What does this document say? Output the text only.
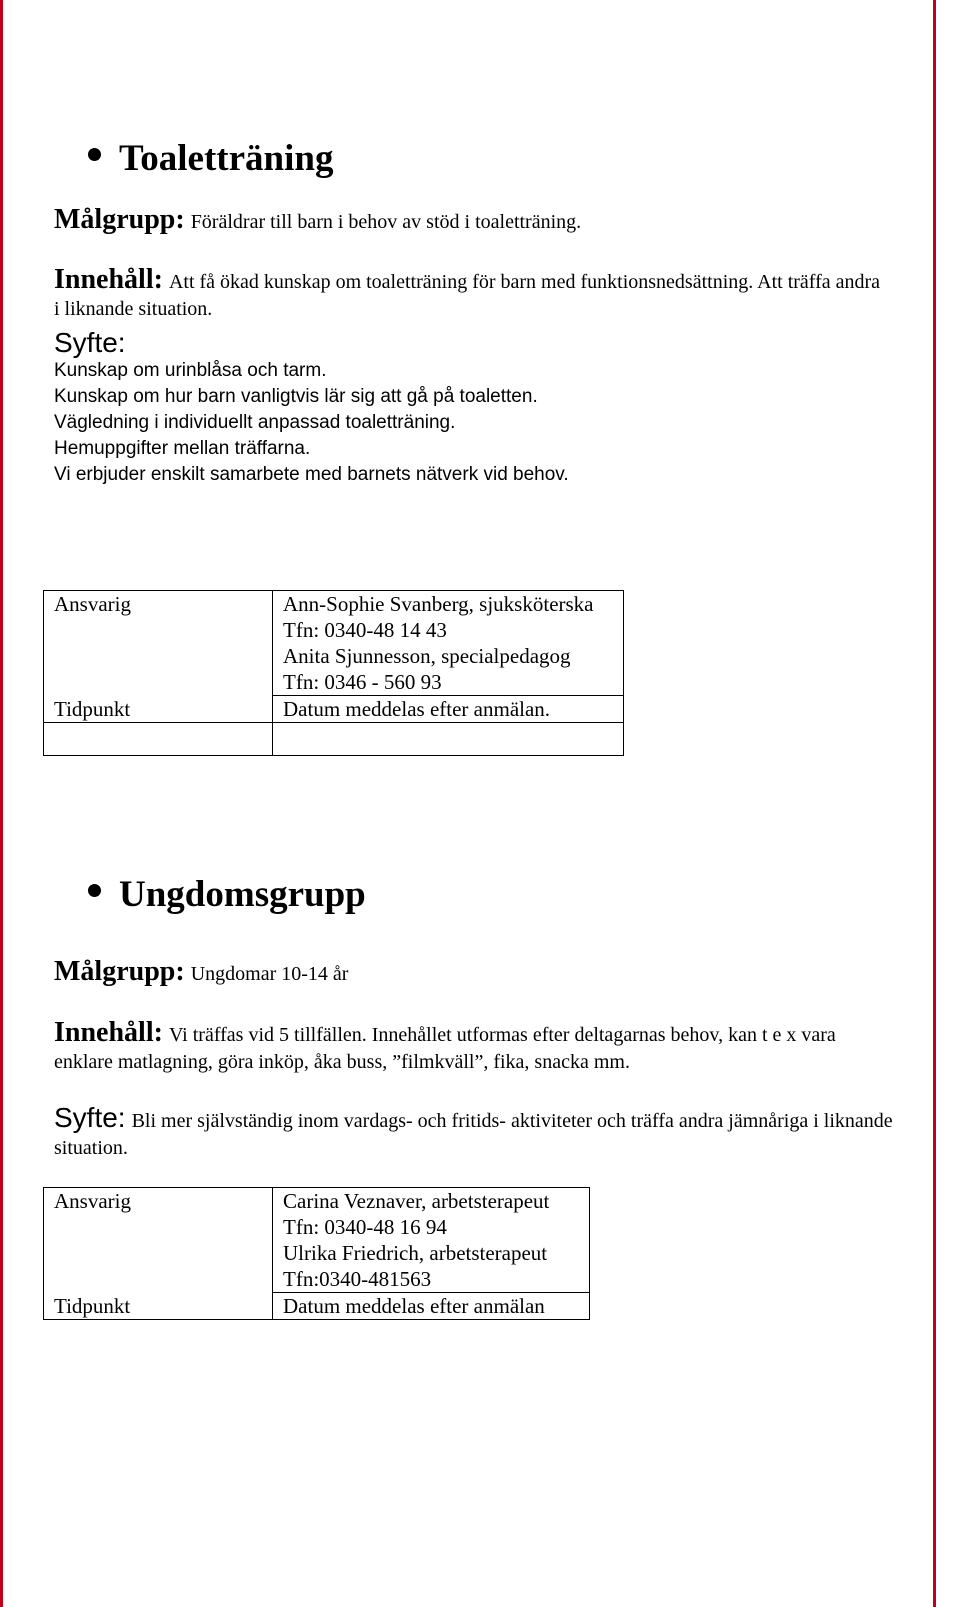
Toaletträning
Målgrupp: Föräldrar till barn i behov av stöd i toaletträning.
Innehåll: Att få ökad kunskap om toaletträning för barn med funktionsnedsättning. Att träffa andra i liknande situation.
Syfte:
Kunskap om urinblåsa och tarm.
Kunskap om hur barn vanligtvis lär sig att gå på toaletten.
Vägledning i individuellt anpassad toaletträning.
Hemuppgifter mellan träffarna.
Vi erbjuder enskilt samarbete med barnets nätverk vid behov.
Ansvarig	Ann-Sophie Svanberg, sjuksköterska
Tfn: 0340-48 14 43
Anita Sjunnesson, specialpedagog
Tfn: 0346 - 560 93

Tidpunkt	Datum meddelas efter anmälan.

Ungdomsgrupp
Målgrupp: Ungdomar 10-14 år
Innehåll: Vi träffas vid 5 tillfällen. Innehållet utformas efter deltagarnas behov, kan t e x vara enklare matlagning, göra inköp, åka buss, ”filmkväll”, fika, snacka mm.
Syfte: Bli mer självständig inom vardags- och fritids- aktiviteter och träffa andra jämnåriga i liknande situation.
Ansvarig	Carina Veznaver, arbetsterapeut
Tfn: 0340-48 16 94
Ulrika Friedrich, arbetsterapeut
Tfn:0340-481563

Tidpunkt	Datum meddelas efter anmälan
